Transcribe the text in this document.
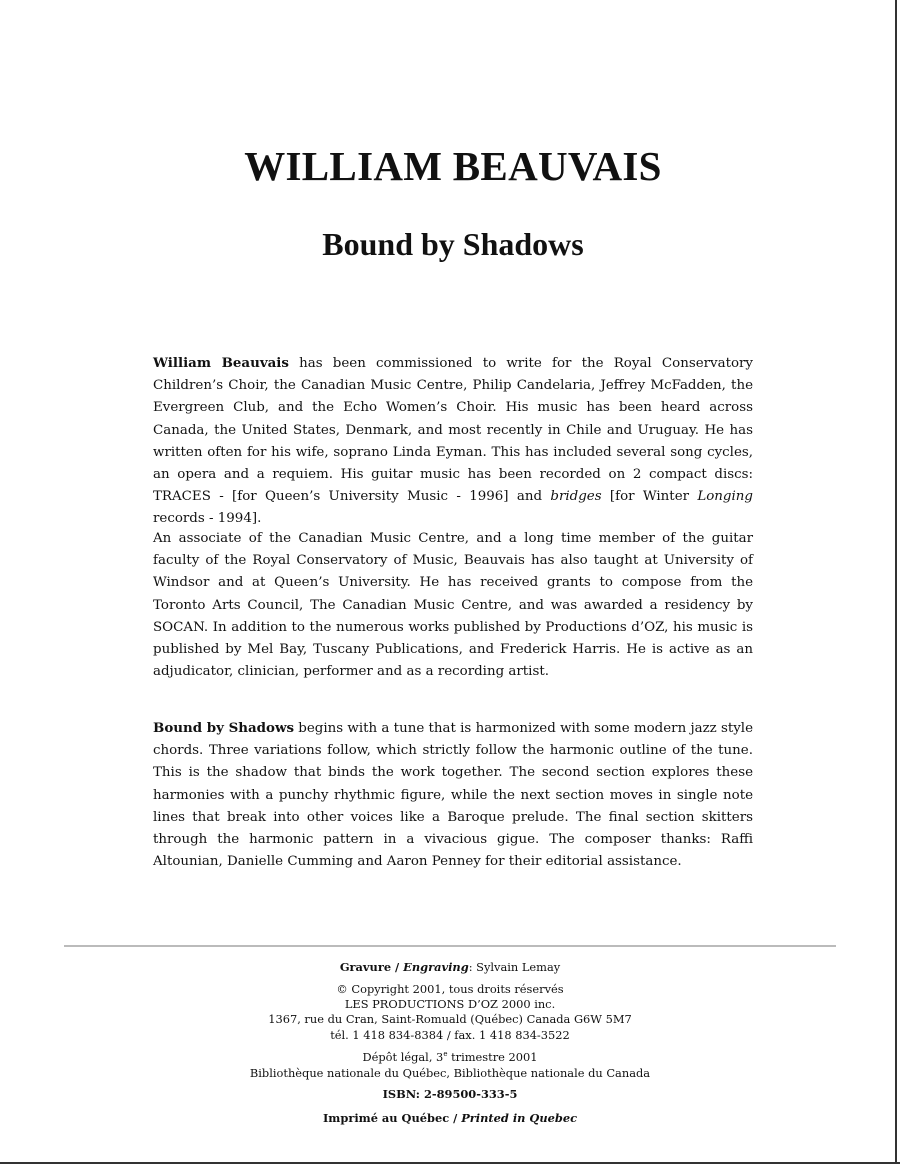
WILLIAM BEAUVAIS
Bound by Shadows

William Beauvais has been commissioned to write for the Royal Conservatory Children’s Choir, the Canadian Music Centre, Philip Candelaria, Jeffrey McFadden, the Evergreen Club, and the Echo Women’s Choir. His music has been heard across Canada, the United States, Denmark, and most recently in Chile and Uruguay. He has written often for his wife, soprano Linda Eyman. This has included several song cycles, an opera and a requiem. His guitar music has been recorded on 2 compact discs: TRACES - [for Queen’s University Music - 1996] and bridges [for Winter Longing records - 1994].

An associate of the Canadian Music Centre, and a long time member of the guitar faculty of the Royal Conservatory of Music, Beauvais has also taught at University of Windsor and at Queen’s University. He has received grants to compose from the Toronto Arts Council, The Canadian Music Centre, and was awarded a residency by SOCAN. In addition to the numerous works published by Productions d’OZ, his music is published by Mel Bay, Tuscany Publications, and Frederick Harris. He is active as an adjudicator, clinician, performer and as a recording artist.

Bound by Shadows begins with a tune that is harmonized with some modern jazz style chords. Three variations follow, which strictly follow the harmonic outline of the tune. This is the shadow that binds the work together. The second section explores these harmonies with a punchy rhythmic figure, while the next section moves in single note lines that break into other voices like a Baroque prelude. The final section skitters through the harmonic pattern in a vivacious gigue. The composer thanks: Raffi Altounian, Danielle Cumming and Aaron Penney for their editorial assistance.

Gravure / Engraving: Sylvain Lemay
© Copyright 2001, tous droits réservés
LES PRODUCTIONS D’OZ 2000 inc.
1367, rue du Cran, Saint-Romuald (Québec) Canada G6W 5M7
tél. 1 418 834-8384 / fax. 1 418 834-3522
Dépôt légal, 3e trimestre 2001
Bibliothèque nationale du Québec, Bibliothèque nationale du Canada
ISBN: 2-89500-333-5
Imprimé au Québec / Printed in Quebec
